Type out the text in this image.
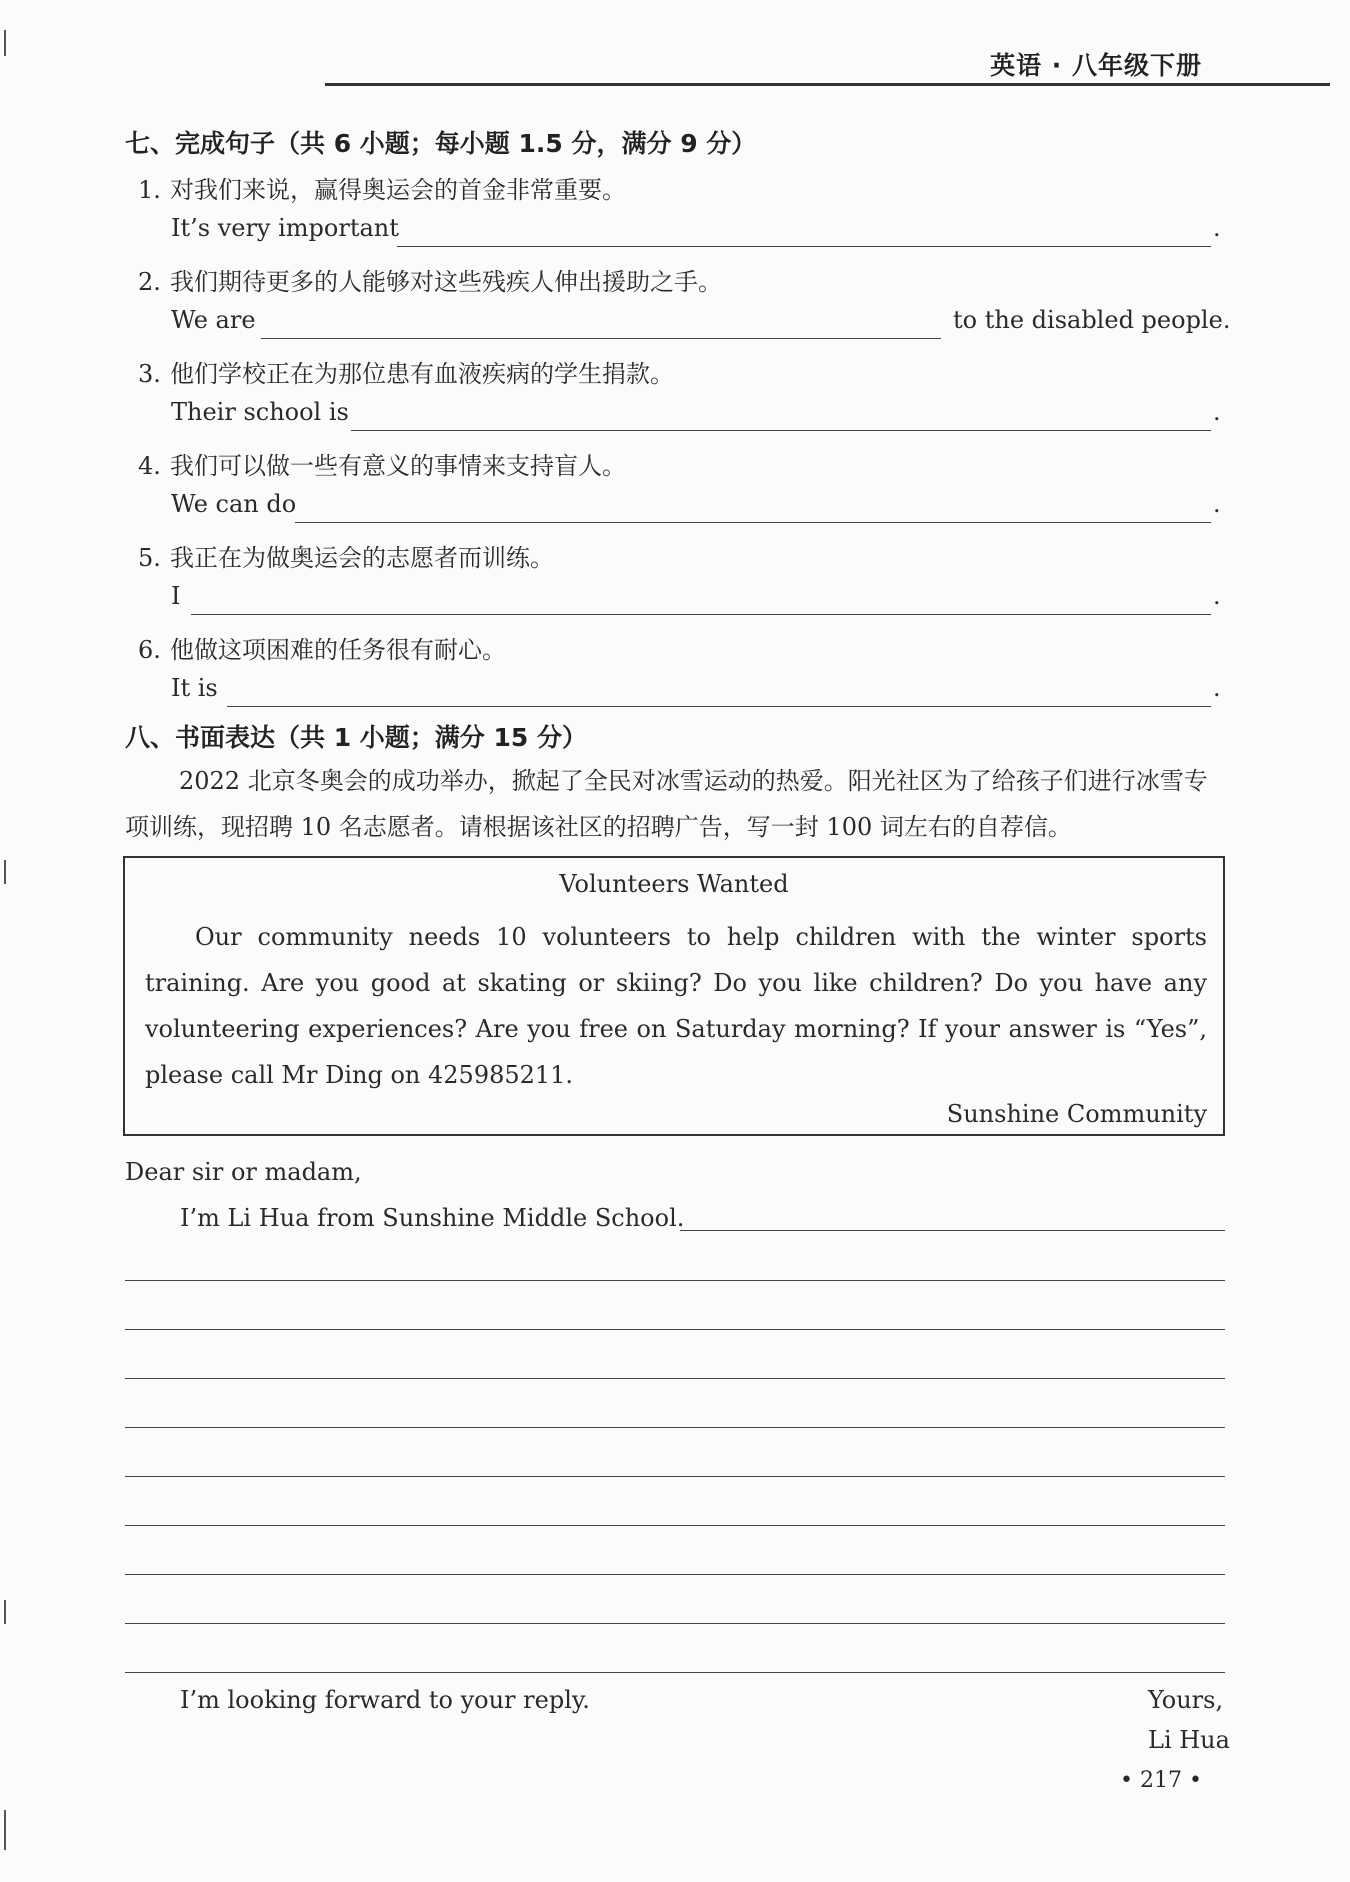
英语 · 八年级下册
七、完成句子（共 6 小题；每小题 1.5 分，满分 9 分）
1. 对我们来说，赢得奥运会的首金非常重要。
It’s very important	.
2. 我们期待更多的人能够对这些残疾人伸出援助之手。
We are	to the disabled people.
3. 他们学校正在为那位患有血液疾病的学生捐款。
Their school is	.
4. 我们可以做一些有意义的事情来支持盲人。
We can do	.
5. 我正在为做奥运会的志愿者而训练。
I	.
6. 他做这项困难的任务很有耐心。
It is	.
八、书面表达（共 1 小题；满分 15 分）
2022 北京冬奥会的成功举办，掀起了全民对冰雪运动的热爱。阳光社区为了给孩子们进行冰雪专项训练，现招聘 10 名志愿者。请根据该社区的招聘广告，写一封 100 词左右的自荐信。
Volunteers Wanted
Our community needs 10 volunteers to help children with the winter sports training. Are you good at skating or skiing? Do you like children? Do you have any volunteering experiences? Are you free on Saturday morning? If your answer is “Yes”, please call Mr Ding on 425985211.
Sunshine Community
Dear sir or madam,
I’m Li Hua from Sunshine Middle School.
I’m looking forward to your reply.	Yours,
Li Hua
• 217 •
